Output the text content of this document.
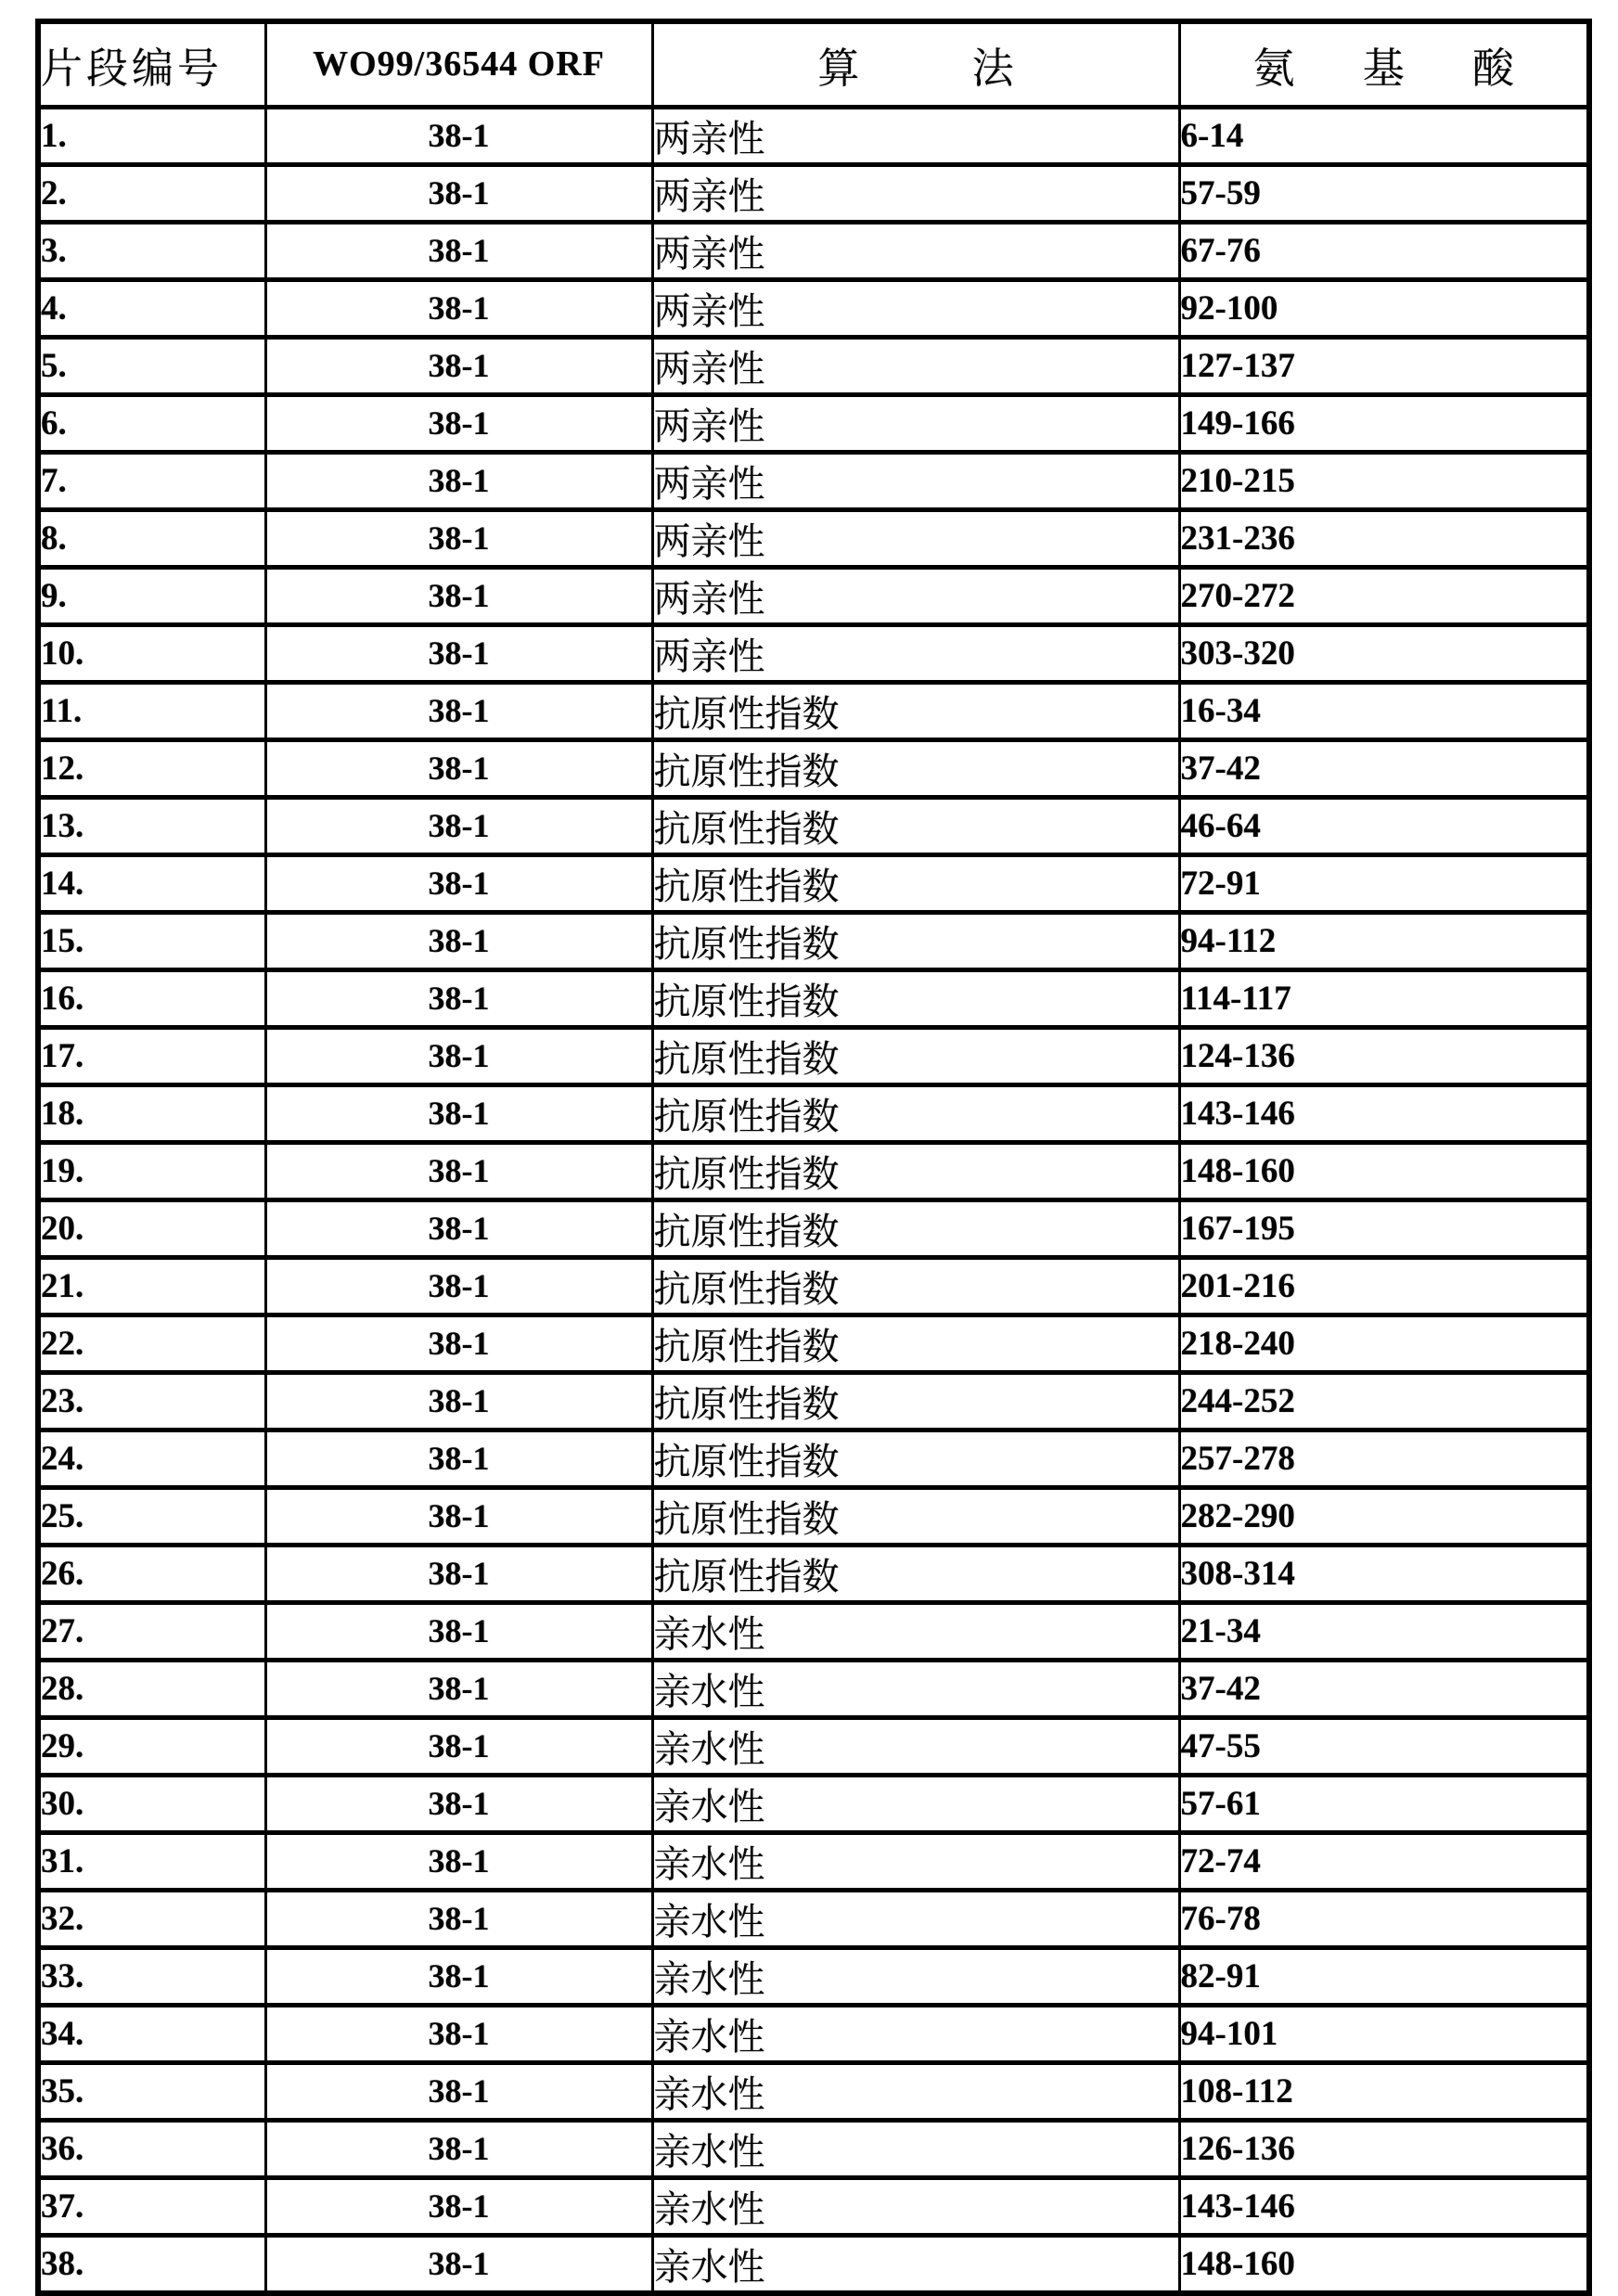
片段编号	WO99/36544 ORF	算 法	氨 基 酸
1.	38-1	两亲性	6-14
2.	38-1	两亲性	57-59
3.	38-1	两亲性	67-76
4.	38-1	两亲性	92-100
5.	38-1	两亲性	127-137
6.	38-1	两亲性	149-166
7.	38-1	两亲性	210-215
8.	38-1	两亲性	231-236
9.	38-1	两亲性	270-272
10.	38-1	两亲性	303-320
11.	38-1	抗原性指数	16-34
12.	38-1	抗原性指数	37-42
13.	38-1	抗原性指数	46-64
14.	38-1	抗原性指数	72-91
15.	38-1	抗原性指数	94-112
16.	38-1	抗原性指数	114-117
17.	38-1	抗原性指数	124-136
18.	38-1	抗原性指数	143-146
19.	38-1	抗原性指数	148-160
20.	38-1	抗原性指数	167-195
21.	38-1	抗原性指数	201-216
22.	38-1	抗原性指数	218-240
23.	38-1	抗原性指数	244-252
24.	38-1	抗原性指数	257-278
25.	38-1	抗原性指数	282-290
26.	38-1	抗原性指数	308-314
27.	38-1	亲水性	21-34
28.	38-1	亲水性	37-42
29.	38-1	亲水性	47-55
30.	38-1	亲水性	57-61
31.	38-1	亲水性	72-74
32.	38-1	亲水性	76-78
33.	38-1	亲水性	82-91
34.	38-1	亲水性	94-101
35.	38-1	亲水性	108-112
36.	38-1	亲水性	126-136
37.	38-1	亲水性	143-146
38.	38-1	亲水性	148-160
